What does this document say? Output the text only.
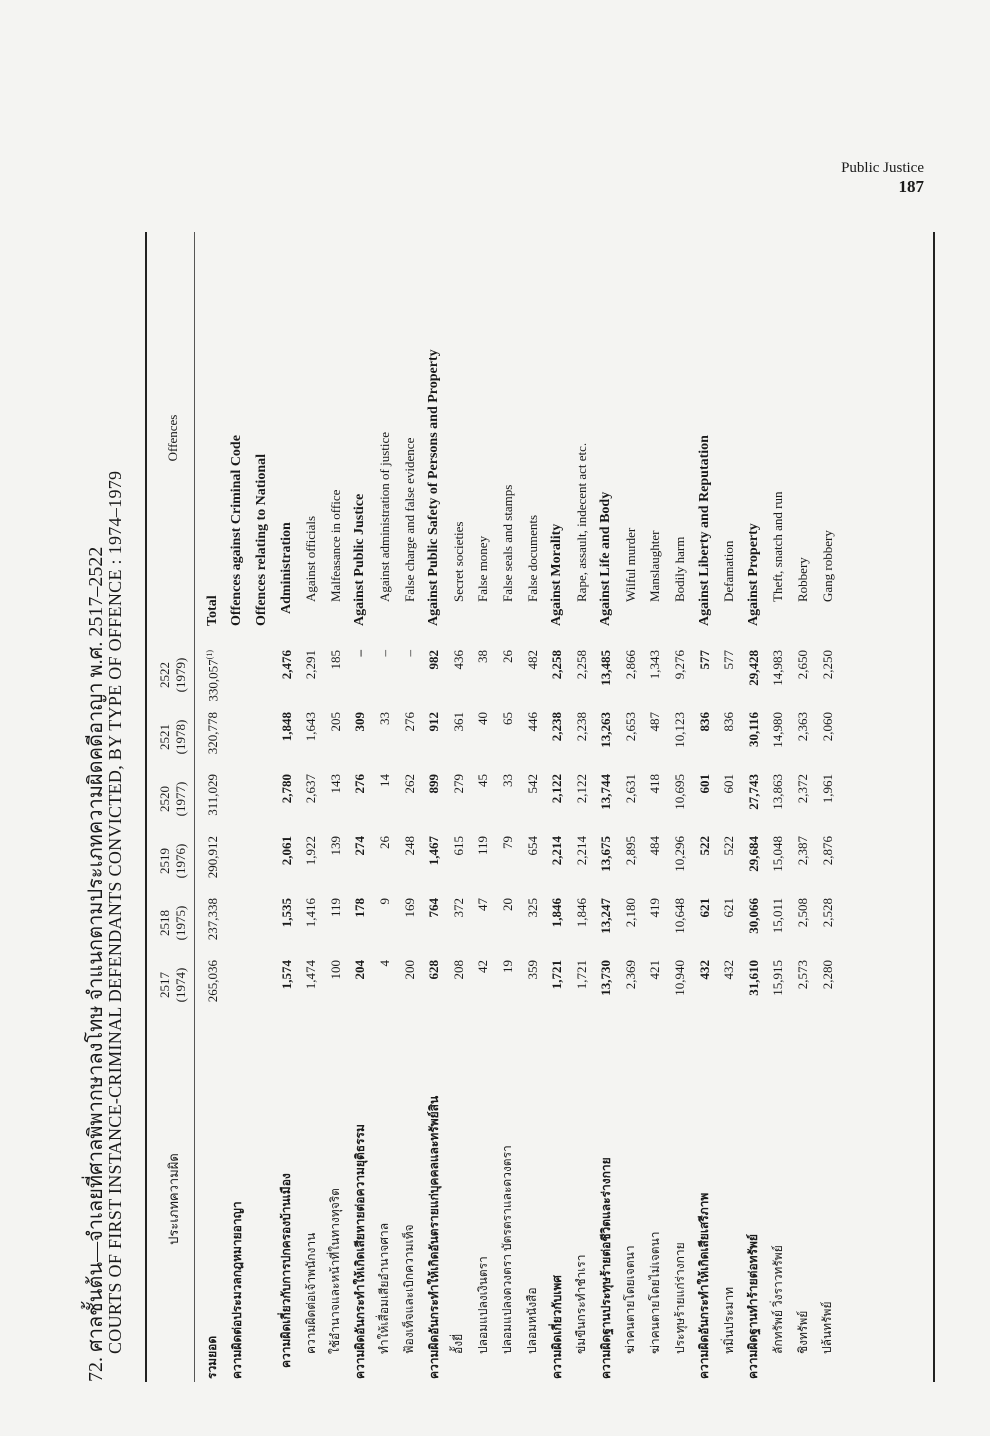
Public Justice
187
72. ศาลชั้นต้น—จำเลยที่ศาลพิพากษาลงโทษ จำแนกตามประเภทความผิดคดีอาญา พ.ศ. 2517–2522
COURTS OF FIRST INSTANCE-CRIMINAL DEFENDANTS CONVICTED, BY TYPE OF OFFENCE : 1974–1979	ประเภทความผิด	2517 (1974)	2518 (1975)	2519 (1976)	2520 (1977)	2521 (1978)	2522 (1979)	Offences

รวมยอด	265,036	237,338	290,912	311,029	320,778	330,057$^{(1)}$	Total
ความผิดต่อประมวลกฎหมายอาญา							Offences against Criminal Code
							Offences relating to National
ความผิดเกี่ยวกับการปกครองบ้านเมือง	1,574	1,535	2,061	2,780	1,848	2,476	Administration
ความผิดต่อเจ้าพนักงาน	1,474	1,416	1,922	2,637	1,643	2,291	Against officials
ใช้อำนาจและหน้าที่ในทางทุจริต	100	119	139	143	205	185	Malfeasance in office
ความผิดอันกระทำให้เกิดเสียหายต่อความยุติธรรม	204	178	274	276	309	–	Against Public Justice
ทำให้เสื่อมเสียอำนาจศาล	4	9	26	14	33	–	Against administration of justice
ฟ้องเท็จและเบิกความเท็จ	200	169	248	262	276	–	False charge and false evidence
ความผิดอันกระทำให้เกิดอันตรายแก่บุคคลและทรัพย์สิน	628	764	1,467	899	912	982	Against Public Safety of Persons and Property
อั้งยี่	208	372	615	279	361	436	Secret societies
ปลอมแปลงเงินตรา	42	47	119	45	40	38	False money
ปลอมแปลงดวงตรา บัตรตราและดวงตรา	19	20	79	33	65	26	False seals and stamps
ปลอมหนังสือ	359	325	654	542	446	482	False documents
ความผิดเกี่ยวกับเพศ	1,721	1,846	2,214	2,122	2,238	2,258	Against Morality
ข่มขืนกระทำชำเรา	1,721	1,846	2,214	2,122	2,238	2,258	Rape, assault, indecent act etc.
ความผิดฐานประทุษร้ายต่อชีวิตและร่างกาย	13,730	13,247	13,675	13,744	13,263	13,485	Against Life and Body
ฆ่าคนตายโดยเจตนา	2,369	2,180	2,895	2,631	2,653	2,866	Wilful murder
ฆ่าคนตายโดยไม่เจตนา	421	419	484	418	487	1,343	Manslaughter
ประทุษร้ายแก่ร่างกาย	10,940	10,648	10,296	10,695	10,123	9,276	Bodily harm
ความผิดอันกระทำให้เกิดเสียเสรีภาพ	432	621	522	601	836	577	Against Liberty and Reputation
หมิ่นประมาท	432	621	522	601	836	577	Defamation
ความผิดฐานทำร้ายต่อทรัพย์	31,610	30,066	29,684	27,743	30,116	29,428	Against Property
ลักทรัพย์ วิ่งราวทรัพย์	15,915	15,011	15,048	13,863	14,980	14,983	Theft, snatch and run
ชิงทรัพย์	2,573	2,508	2,387	2,372	2,363	2,650	Robbery
ปล้นทรัพย์	2,280	2,528	2,876	1,961	2,060	2,250	Gang robbery
